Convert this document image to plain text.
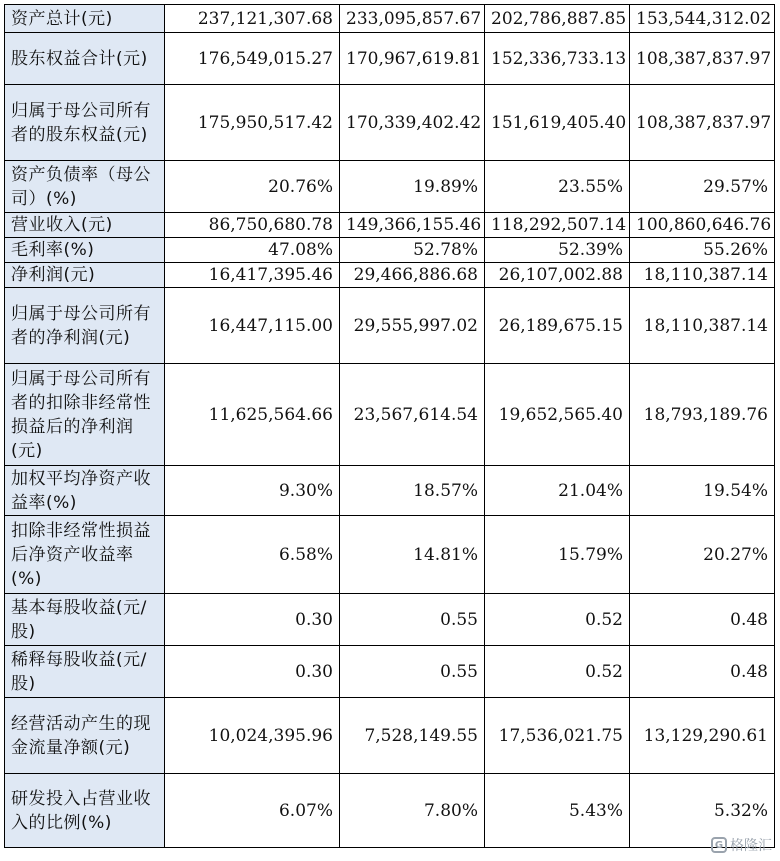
资产总计(元)	237,121,307.68	233,095,857.67	202,786,887.85	153,544,312.02
股东权益合计(元)	176,549,015.27	170,967,619.81	152,336,733.13	108,387,837.97
归属于母公司所有者的股东权益(元)	175,950,517.42	170,339,402.42	151,619,405.40	108,387,837.97
资产负债率（母公司）(%)	20.76%	19.89%	23.55%	29.57%
营业收入(元)	86,750,680.78	149,366,155.46	118,292,507.14	100,860,646.76
毛利率(%)	47.08%	52.78%	52.39%	55.26%
净利润(元)	16,417,395.46	29,466,886.68	26,107,002.88	18,110,387.14
归属于母公司所有者的净利润(元)	16,447,115.00	29,555,997.02	26,189,675.15	18,110,387.14
归属于母公司所有者的扣除非经常性损益后的净利润(元)	11,625,564.66	23,567,614.54	19,652,565.40	18,793,189.76
加权平均净资产收益率(%)	9.30%	18.57%	21.04%	19.54%
扣除非经常性损益后净资产收益率(%)	6.58%	14.81%	15.79%	20.27%
基本每股收益(元/股)	0.30	0.55	0.52	0.48
稀释每股收益(元/股)	0.30	0.55	0.52	0.48
经营活动产生的现金流量净额(元)	10,024,395.96	7,528,149.55	17,536,021.75	13,129,290.61
研发投入占营业收入的比例(%)	6.07%	7.80%	5.43%	5.32%
G 格隆汇
